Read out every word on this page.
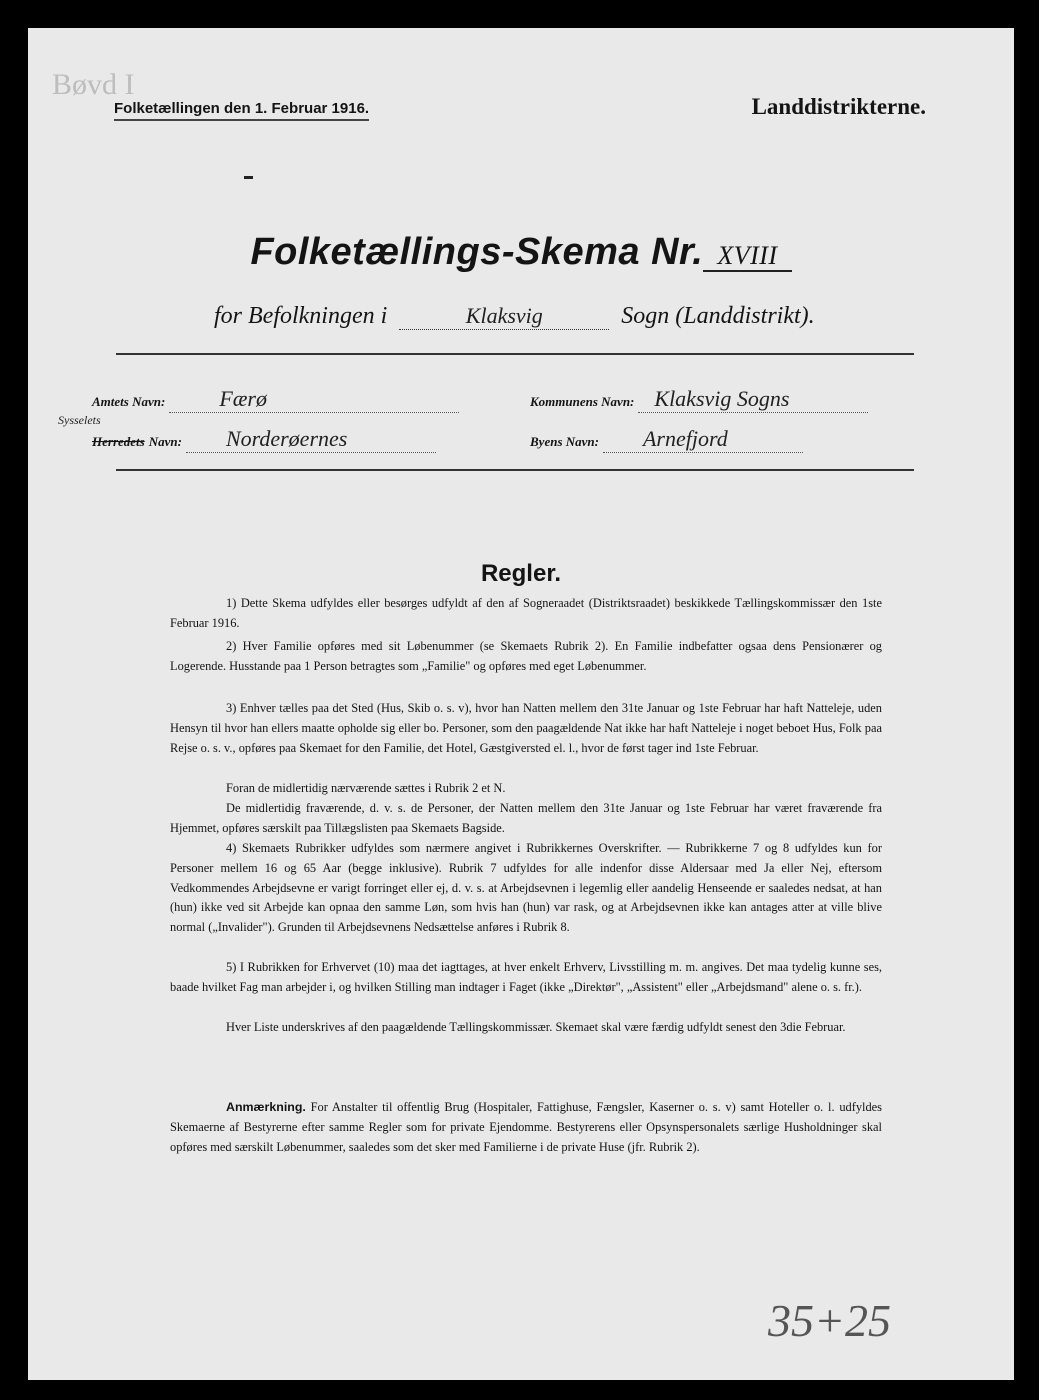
Bøvd I
Folketællingen den 1. Februar 1916.	Landdistrikterne.
Folketællings-Skema Nr. XVIII
for Befolkningen i	Klaksvig	Sogn (Landdistrikt).
Amtets Navn: Færø	Kommunens Navn: Klaksvig Sogns
Sysselets
Herredets Navn: Norderøernes	Byens Navn: Arnefjord
Regler.
1) Dette Skema udfyldes eller besørges udfyldt af den af Sogneraadet (Distriktsraadet) beskikkede Tællingskommissær den 1ste Februar 1916.
2) Hver Familie opføres med sit Løbenummer (se Skemaets Rubrik 2). En Familie indbefatter ogsaa dens Pensionærer og Logerende. Husstande paa 1 Person betragtes som „Familie" og opføres med eget Løbenummer.
3) Enhver tælles paa det Sted (Hus, Skib o. s. v), hvor han Natten mellem den 31te Januar og 1ste Februar har haft Natteleje, uden Hensyn til hvor han ellers maatte opholde sig eller bo. Personer, som den paagældende Nat ikke har haft Natteleje i noget beboet Hus, Folk paa Rejse o. s. v., opføres paa Skemaet for den Familie, det Hotel, Gæstgiversted el. l., hvor de først tager ind 1ste Februar.
Foran de midlertidig nærværende sættes i Rubrik 2 et N.
De midlertidig fraværende, d. v. s. de Personer, der Natten mellem den 31te Januar og 1ste Februar har været fraværende fra Hjemmet, opføres særskilt paa Tillægslisten paa Skemaets Bagside.
4) Skemaets Rubrikker udfyldes som nærmere angivet i Rubrikkernes Overskrifter. — Rubrikkerne 7 og 8 udfyldes kun for Personer mellem 16 og 65 Aar (begge inklusive). Rubrik 7 udfyldes for alle indenfor disse Aldersaar med Ja eller Nej, eftersom Vedkommendes Arbejdsevne er varigt forringet eller ej, d. v. s. at Arbejdsevnen i legemlig eller aandelig Henseende er saaledes nedsat, at han (hun) ikke ved sit Arbejde kan opnaa den samme Løn, som hvis han (hun) var rask, og at Arbejdsevnen ikke kan antages atter at ville blive normal („Invalider"). Grunden til Arbejdsevnens Nedsættelse anføres i Rubrik 8.
5) I Rubrikken for Erhvervet (10) maa det iagttages, at hver enkelt Erhverv, Livsstilling m. m. angives. Det maa tydelig kunne ses, baade hvilket Fag man arbejder i, og hvilken Stilling man indtager i Faget (ikke „Direktør", „Assistent" eller „Arbejdsmand" alene o. s. fr.).
Hver Liste underskrives af den paagældende Tællingskommissær. Skemaet skal være færdig udfyldt senest den 3die Februar.
Anmærkning. For Anstalter til offentlig Brug (Hospitaler, Fattighuse, Fængsler, Kaserner o. s. v) samt Hoteller o. l. udfyldes Skemaerne af Bestyrerne efter samme Regler som for private Ejendomme. Bestyrerens eller Opsynspersonalets særlige Husholdninger skal opføres med særskilt Løbenummer, saaledes som det sker med Familierne i de private Huse (jfr. Rubrik 2).
35+25
